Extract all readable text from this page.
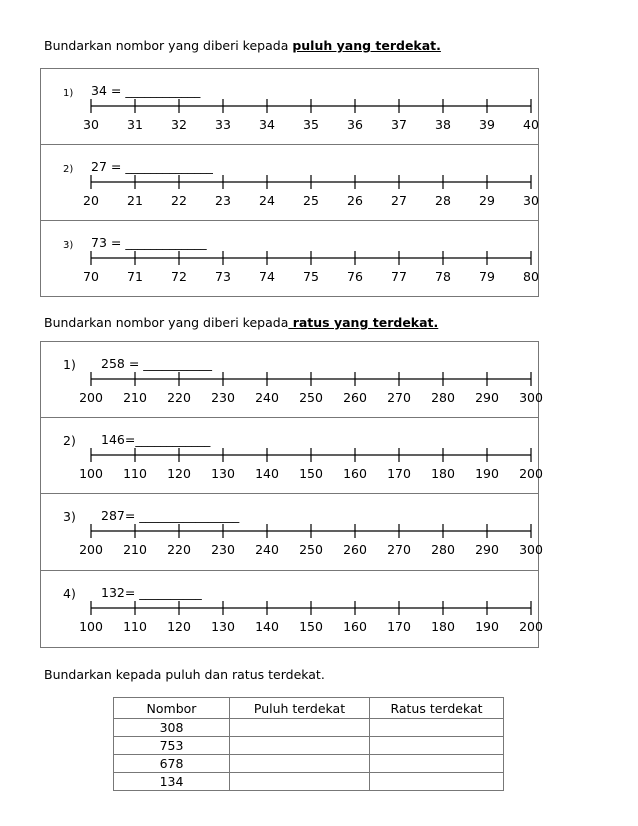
Bundarkan nombor yang diberi kepada puluh yang terdekat.
1) 34 = ____________
30 31 32 33 34 35 36 37 38 39 40
2) 27 = ______________
20 21 22 23 24 25 26 27 28 29 30
3) 73 = _____________
70 71 72 73 74 75 76 77 78 79 80
Bundarkan nombor yang diberi kepada ratus yang terdekat.
1) 258 = ___________
200 210 220 230 240 250 260 270 280 290 300
2) 146=____________
100 110 120 130 140 150 160 170 180 190 200
3) 287= ________________
200 210 220 230 240 250 260 270 280 290 300
4) 132= __________
100 110 120 130 140 150 160 170 180 190 200
Bundarkan kepada puluh dan ratus terdekat.
Nombor	Puluh terdekat	Ratus terdekat
308		
753		
678		
134		
